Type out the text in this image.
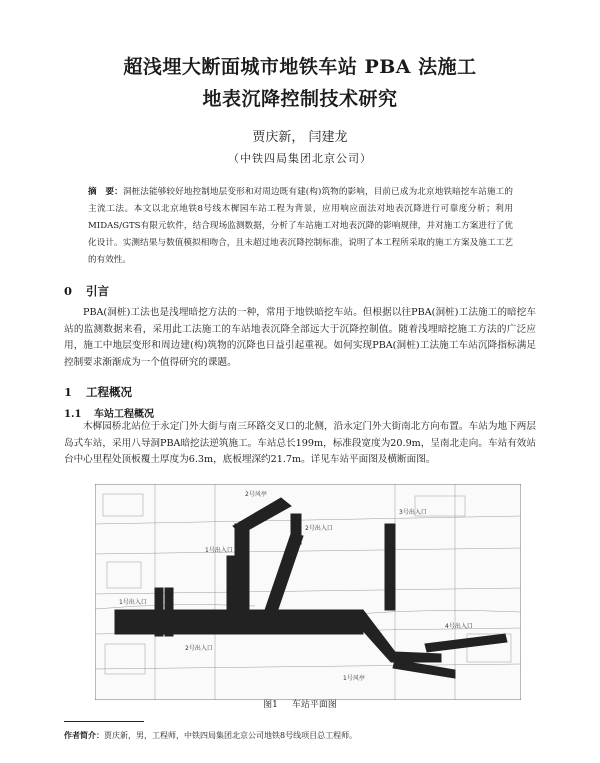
超浅埋大断面城市地铁车站 PBA 法施工
地表沉降控制技术研究
贾庆新， 闫建龙
（中铁四局集团北京公司）
摘　要：洞桩法能够较好地控制地层变形和对周边既有建(构)筑物的影响，目前已成为北京地铁暗挖车站施工的主流工法。本文以北京地铁8号线木樨园车站工程为背景，应用响应面法对地表沉降进行可靠度分析；利用MIDAS/GTS有限元软件，结合现场监测数据，分析了车站施工对地表沉降的影响规律，并对施工方案进行了优化设计。实测结果与数值模拟相吻合，且未超过地表沉降控制标准，说明了本工程所采取的施工方案及施工工艺的有效性。
0 引言
PBA(洞桩)工法也是浅埋暗挖方法的一种，常用于地铁暗挖车站。但根据以往PBA(洞桩)工法施工的暗挖车站的监测数据来看，采用此工法施工的车站地表沉降全部远大于沉降控制值。随着浅埋暗挖施工方法的广泛应用，施工中地层变形和周边建(构)筑物的沉降也日益引起重视。如何实现PBA(洞桩)工法施工车站沉降指标满足控制要求渐渐成为一个值得研究的课题。
1 工程概况
1.1 车站工程概况
木樨园桥北站位于永定门外大街与南三环路交叉口的北侧，沿永定门外大街南北方向布置。车站为地下两层岛式车站，采用八导洞PBA暗挖法逆筑施工。车站总长199m，标准段宽度为20.9m，呈南北走向。车站有效站台中心里程处顶板覆土厚度为6.3m，底板埋深约21.7m。详见车站平面图及横断面图。
2号风亭
1号出入口
2号出入口
3号出入口
4号出入口
1号风亭
1号出入口
2号出入口
图1 车站平面图
作者简介：贾庆新，男，工程师，中铁四局集团北京公司地铁8号线项目总工程师。
